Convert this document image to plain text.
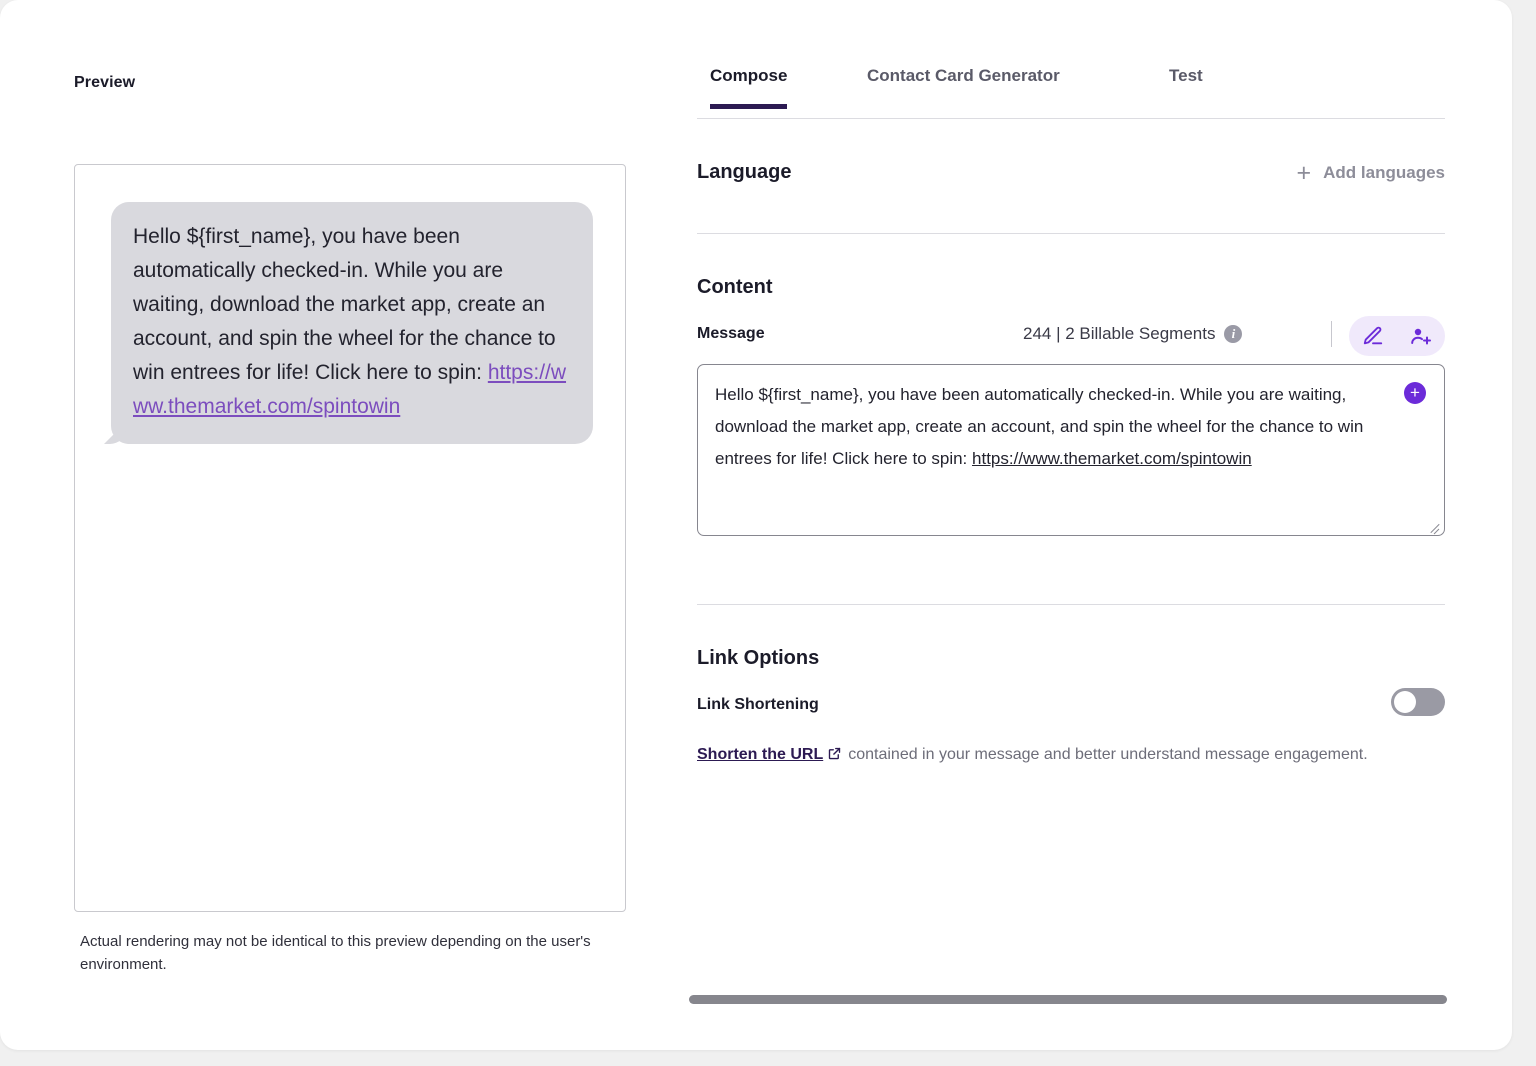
Preview
Hello ${first_name}, you have been automatically checked-in. While you are waiting, download the market app, create an account, and spin the wheel for the chance to win entrees for life! Click here to spin: https://www.themarket.com/spintowin
Actual rendering may not be identical to this preview depending on the user's environment.
Compose	Contact Card Generator	Test
Language	+ Add languages
Content
Message	244 | 2 Billable Segments	i
Hello ${first_name}, you have been automatically checked-in. While you are waiting, download the market app, create an account, and spin the wheel for the chance to win entrees for life! Click here to spin: https://www.themarket.com/spintowin
+
Link Options
Link Shortening
Shorten the URL contained in your message and better understand message engagement.
